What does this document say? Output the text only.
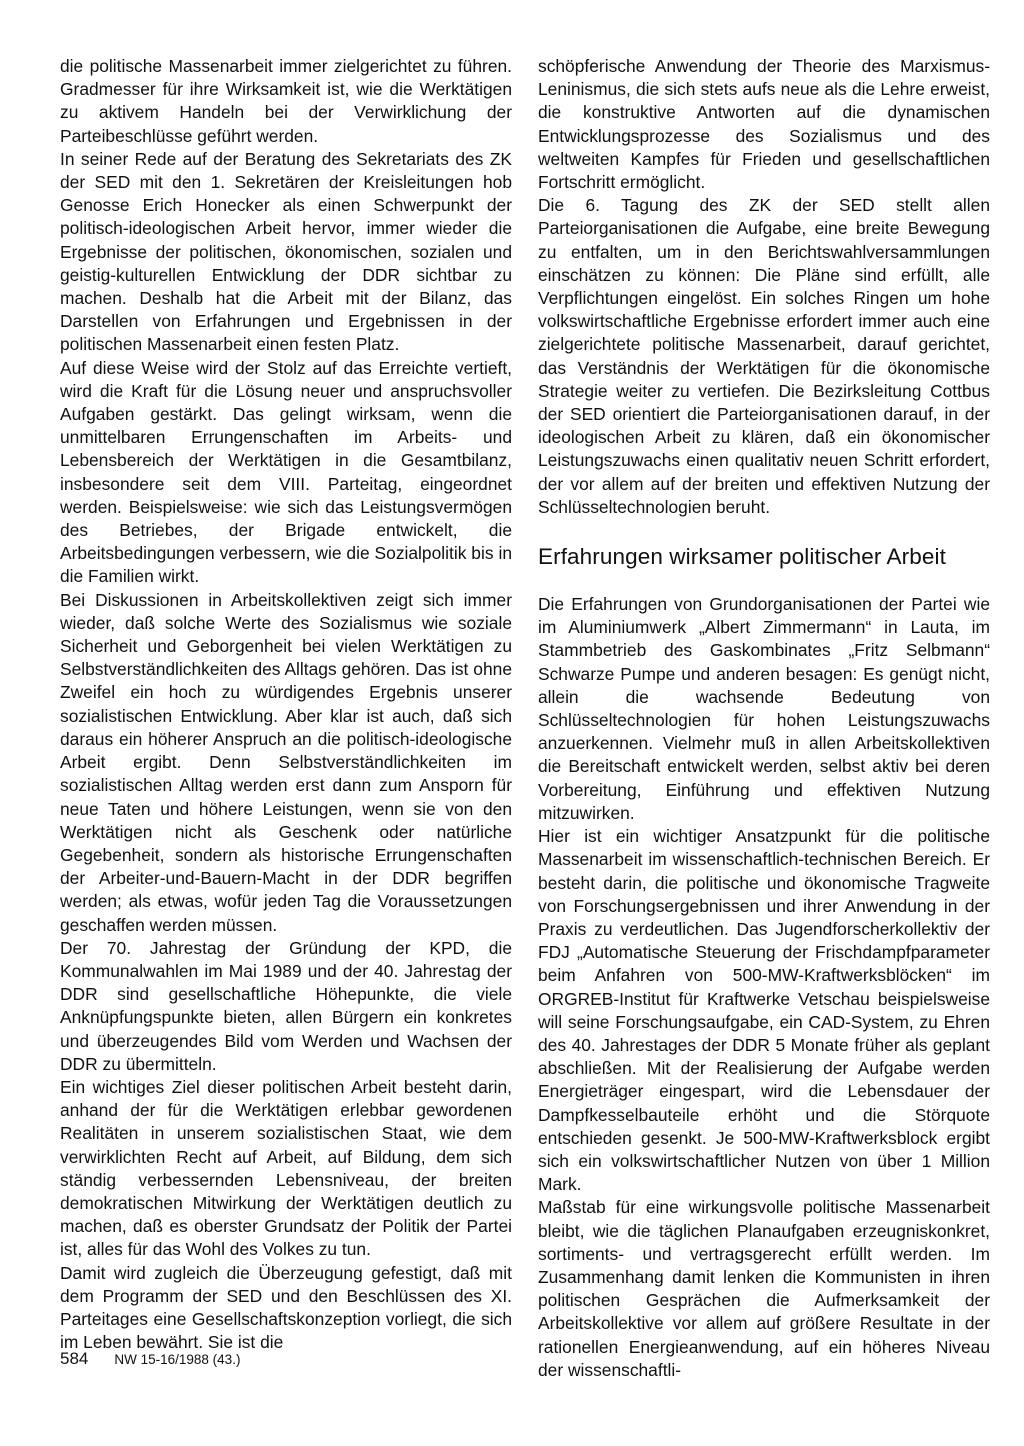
die politische Massenarbeit immer zielgerichtet zu führen. Gradmesser für ihre Wirksamkeit ist, wie die Werktätigen zu aktivem Handeln bei der Verwirklichung der Parteibeschlüsse geführt werden.

In seiner Rede auf der Beratung des Sekretariats des ZK der SED mit den 1. Sekretären der Kreisleitungen hob Genosse Erich Honecker als einen Schwerpunkt der politisch-ideologischen Arbeit hervor, immer wieder die Ergebnisse der politischen, ökonomischen, sozialen und geistig-kulturellen Entwicklung der DDR sichtbar zu machen. Deshalb hat die Arbeit mit der Bilanz, das Darstellen von Erfahrungen und Ergebnissen in der politischen Massenarbeit einen festen Platz.

Auf diese Weise wird der Stolz auf das Erreichte vertieft, wird die Kraft für die Lösung neuer und anspruchsvoller Aufgaben gestärkt. Das gelingt wirksam, wenn die unmittelbaren Errungenschaften im Arbeits- und Lebensbereich der Werktätigen in die Gesamtbilanz, insbesondere seit dem VIII. Parteitag, eingeordnet werden. Beispielsweise: wie sich das Leistungsvermögen des Betriebes, der Brigade entwickelt, die Arbeitsbedingungen verbessern, wie die Sozialpolitik bis in die Familien wirkt.

Bei Diskussionen in Arbeitskollektiven zeigt sich immer wieder, daß solche Werte des Sozialismus wie soziale Sicherheit und Geborgenheit bei vielen Werktätigen zu Selbstverständlichkeiten des Alltags gehören. Das ist ohne Zweifel ein hoch zu würdigendes Ergebnis unserer sozialistischen Entwicklung. Aber klar ist auch, daß sich daraus ein höherer Anspruch an die politisch-ideologische Arbeit ergibt. Denn Selbstverständlichkeiten im sozialistischen Alltag werden erst dann zum Ansporn für neue Taten und höhere Leistungen, wenn sie von den Werktätigen nicht als Geschenk oder natürliche Gegebenheit, sondern als historische Errungenschaften der Arbeiter-und-Bauern-Macht in der DDR begriffen werden; als etwas, wofür jeden Tag die Voraussetzungen geschaffen werden müssen.

Der 70. Jahrestag der Gründung der KPD, die Kommunalwahlen im Mai 1989 und der 40. Jahrestag der DDR sind gesellschaftliche Höhepunkte, die viele Anknüpfungspunkte bieten, allen Bürgern ein konkretes und überzeugendes Bild vom Werden und Wachsen der DDR zu übermitteln.

Ein wichtiges Ziel dieser politischen Arbeit besteht darin, anhand der für die Werktätigen erlebbar gewordenen Realitäten in unserem sozialistischen Staat, wie dem verwirklichten Recht auf Arbeit, auf Bildung, dem sich ständig verbessernden Lebensniveau, der breiten demokratischen Mitwirkung der Werktätigen deutlich zu machen, daß es oberster Grundsatz der Politik der Partei ist, alles für das Wohl des Volkes zu tun.

Damit wird zugleich die Überzeugung gefestigt, daß mit dem Programm der SED und den Beschlüssen des XI. Parteitages eine Gesellschaftskonzeption vorliegt, die sich im Leben bewährt. Sie ist die

schöpferische Anwendung der Theorie des Marxismus-Leninismus, die sich stets aufs neue als die Lehre erweist, die konstruktive Antworten auf die dynamischen Entwicklungsprozesse des Sozialismus und des weltweiten Kampfes für Frieden und gesellschaftlichen Fortschritt ermöglicht.

Die 6. Tagung des ZK der SED stellt allen Parteiorganisationen die Aufgabe, eine breite Bewegung zu entfalten, um in den Berichtswahlversammlungen einschätzen zu können: Die Pläne sind erfüllt, alle Verpflichtungen eingelöst. Ein solches Ringen um hohe volkswirtschaftliche Ergebnisse erfordert immer auch eine zielgerichtete politische Massenarbeit, darauf gerichtet, das Verständnis der Werktätigen für die ökonomische Strategie weiter zu vertiefen. Die Bezirksleitung Cottbus der SED orientiert die Parteiorganisationen darauf, in der ideologischen Arbeit zu klären, daß ein ökonomischer Leistungszuwachs einen qualitativ neuen Schritt erfordert, der vor allem auf der breiten und effektiven Nutzung der Schlüsseltechnologien beruht.

Erfahrungen wirksamer politischer Arbeit

Die Erfahrungen von Grundorganisationen der Partei wie im Aluminiumwerk „Albert Zimmermann“ in Lauta, im Stammbetrieb des Gaskombinates „Fritz Selbmann“ Schwarze Pumpe und anderen besagen: Es genügt nicht, allein die wachsende Bedeutung von Schlüsseltechnologien für hohen Leistungszuwachs anzuerkennen. Vielmehr muß in allen Arbeitskollektiven die Bereitschaft entwickelt werden, selbst aktiv bei deren Vorbereitung, Einführung und effektiven Nutzung mitzuwirken.

Hier ist ein wichtiger Ansatzpunkt für die politische Massenarbeit im wissenschaftlich-technischen Bereich. Er besteht darin, die politische und ökonomische Tragweite von Forschungsergebnissen und ihrer Anwendung in der Praxis zu verdeutlichen. Das Jugendforscherkollektiv der FDJ „Automatische Steuerung der Frischdampfparameter beim Anfahren von 500-MW-Kraftwerksblöcken“ im ORGREB-Institut für Kraftwerke Vetschau beispielsweise will seine Forschungsaufgabe, ein CAD-System, zu Ehren des 40. Jahrestages der DDR 5 Monate früher als geplant abschließen. Mit der Realisierung der Aufgabe werden Energieträger eingespart, wird die Lebensdauer der Dampfkesselbauteile erhöht und die Störquote entschieden gesenkt. Je 500-MW-Kraftwerksblock ergibt sich ein volkswirtschaftlicher Nutzen von über 1 Million Mark.

Maßstab für eine wirkungsvolle politische Massenarbeit bleibt, wie die täglichen Planaufgaben erzeugniskonkret, sortiments- und vertragsgerecht erfüllt werden. Im Zusammenhang damit lenken die Kommunisten in ihren politischen Gesprächen die Aufmerksamkeit der Arbeitskollektive vor allem auf größere Resultate in der rationellen Energieanwendung, auf ein höheres Niveau der wissenschaftli-

584 NW 15-16/1988 (43.)
